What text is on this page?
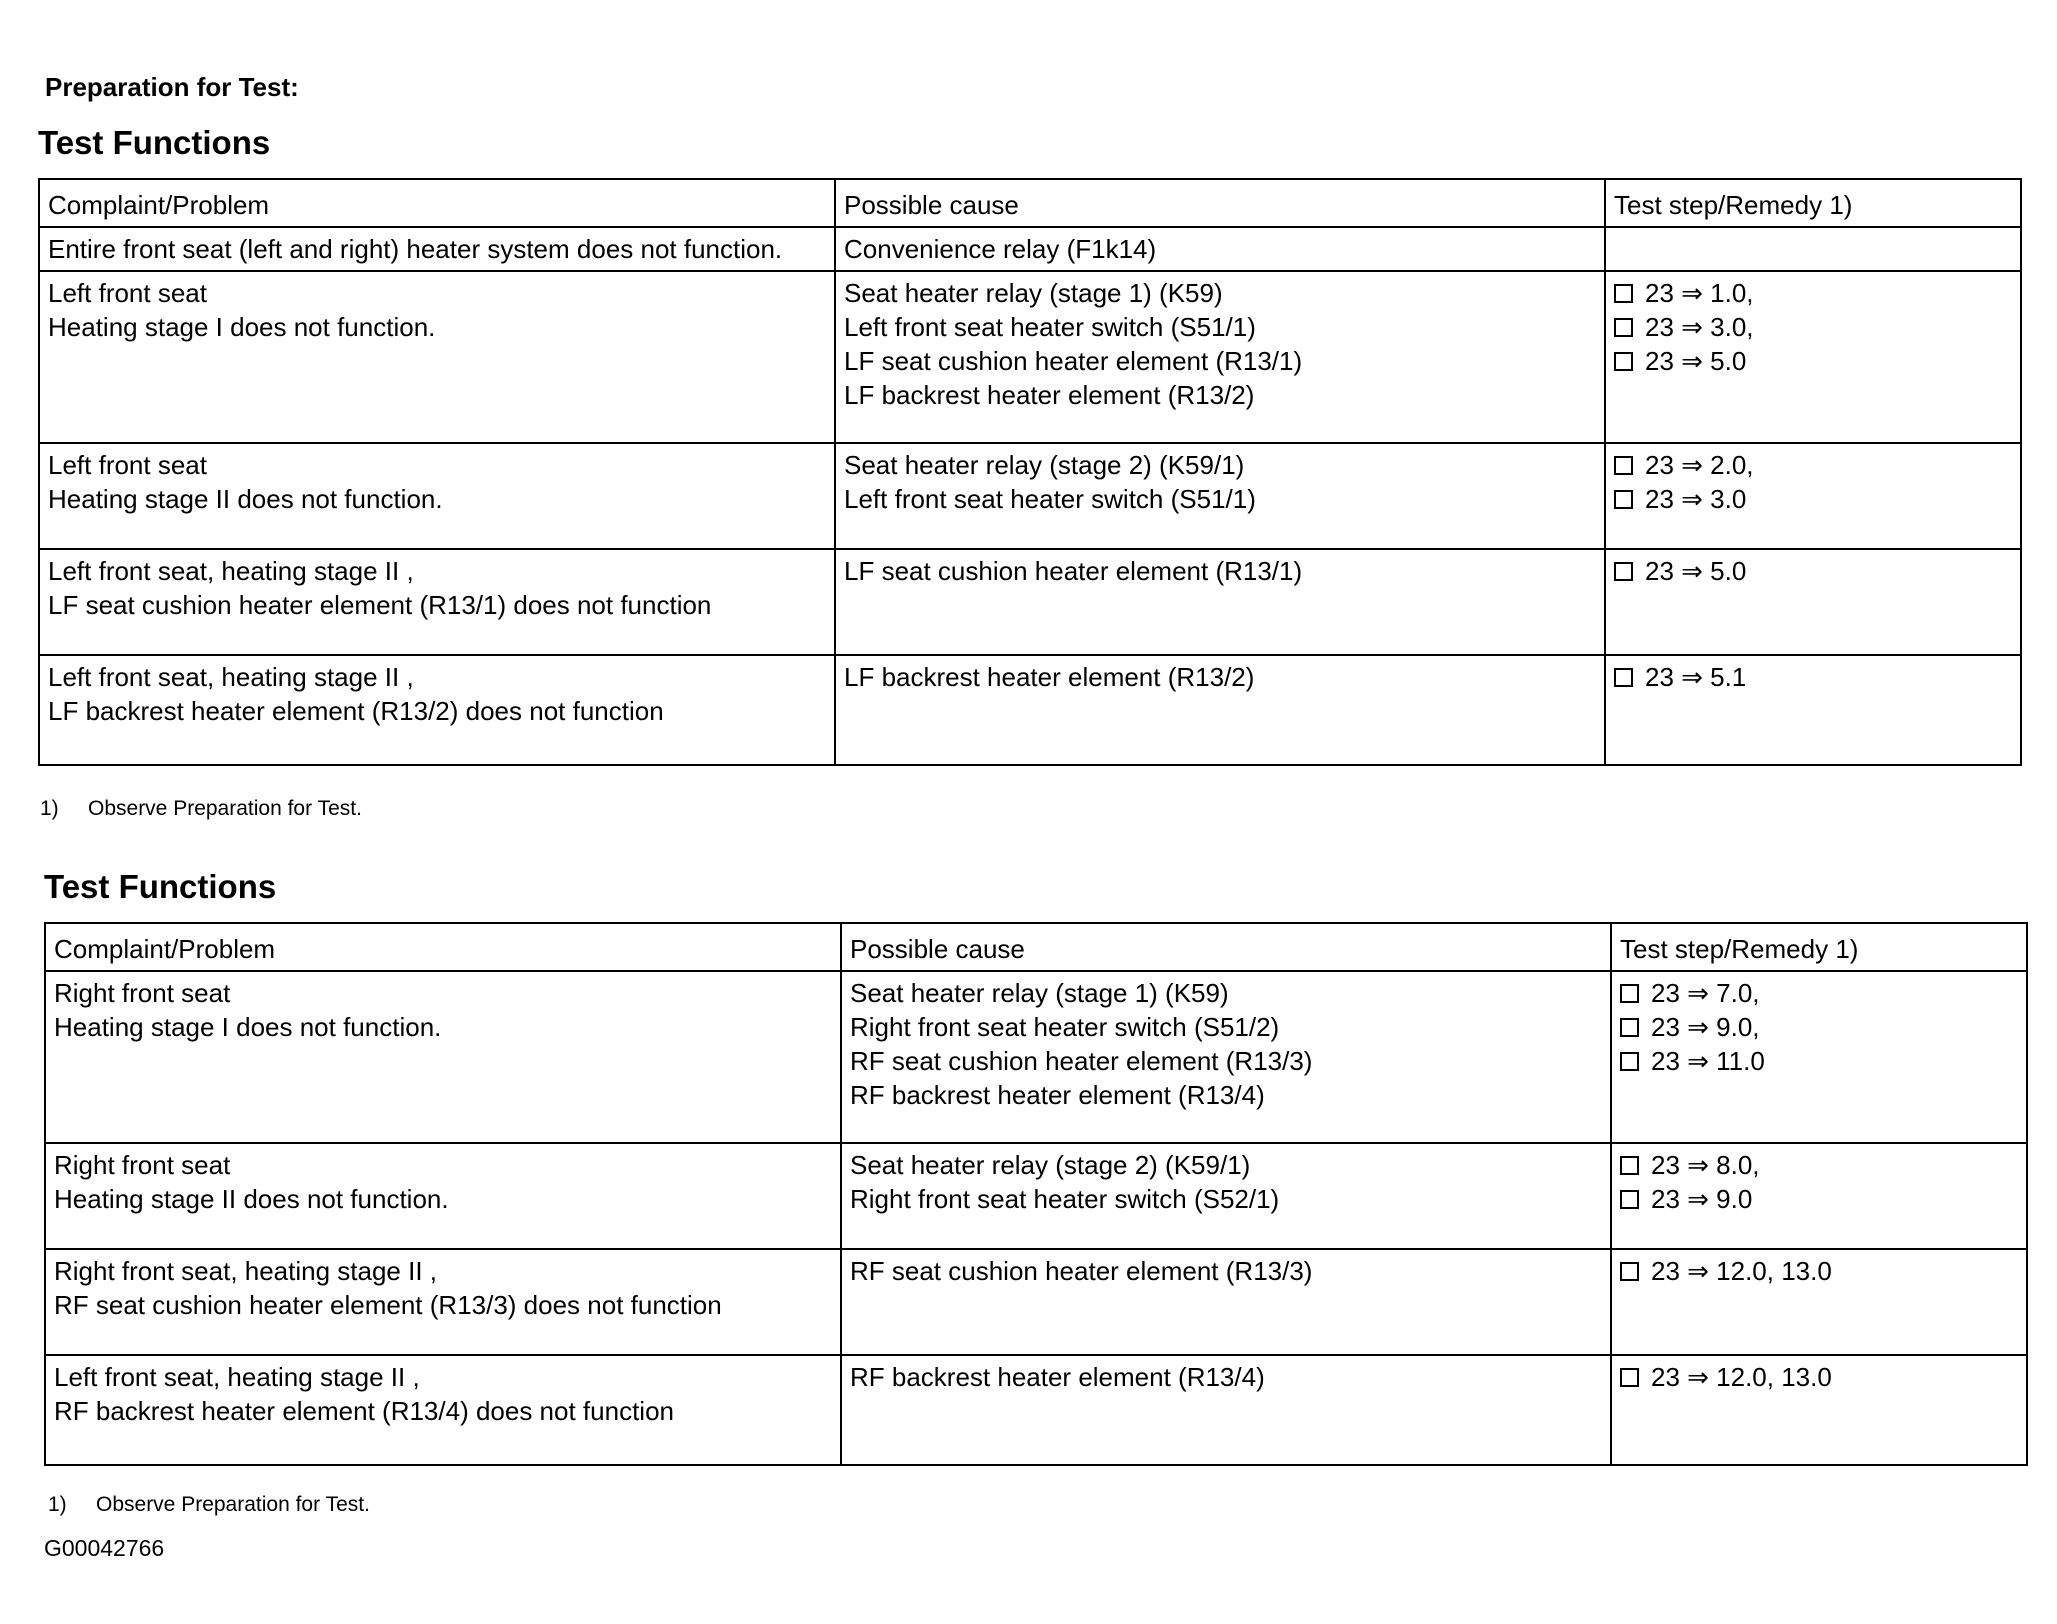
Preparation for Test:
Test Functions
Complaint/Problem	Possible cause	Test step/Remedy 1)

Entire front seat (left and right) heater system does not function.	Convenience relay (F1k14)	

Left front seat
Heating stage I does not function.	Seat heater relay (stage 1) (K59)
Left front seat heater switch (S51/1)
LF seat cushion heater element (R13/1)
LF backrest heater element (R13/2)	23 ⇒ 1.0,
23 ⇒ 3.0,
23 ⇒ 5.0

Left front seat
Heating stage II does not function.	Seat heater relay (stage 2) (K59/1)
Left front seat heater switch (S51/1)	23 ⇒ 2.0,
23 ⇒ 3.0

Left front seat, heating stage II ,
LF seat cushion heater element (R13/1) does not function	LF seat cushion heater element (R13/1)	23 ⇒ 5.0

Left front seat, heating stage II ,
LF backrest heater element (R13/2) does not function	LF backrest heater element (R13/2)	23 ⇒ 5.1
1) Observe Preparation for Test.
Test Functions
Complaint/Problem	Possible cause	Test step/Remedy 1)

Right front seat
Heating stage I does not function.	Seat heater relay (stage 1) (K59)
Right front seat heater switch (S51/2)
RF seat cushion heater element (R13/3)
RF backrest heater element (R13/4)	23 ⇒ 7.0,
23 ⇒ 9.0,
23 ⇒ 11.0

Right front seat
Heating stage II does not function.	Seat heater relay (stage 2) (K59/1)
Right front seat heater switch (S52/1)	23 ⇒ 8.0,
23 ⇒ 9.0

Right front seat, heating stage II ,
RF seat cushion heater element (R13/3) does not function	RF seat cushion heater element (R13/3)	23 ⇒ 12.0, 13.0

Left front seat, heating stage II ,
RF backrest heater element (R13/4) does not function	RF backrest heater element (R13/4)	23 ⇒ 12.0, 13.0
1) Observe Preparation for Test.
G00042766
